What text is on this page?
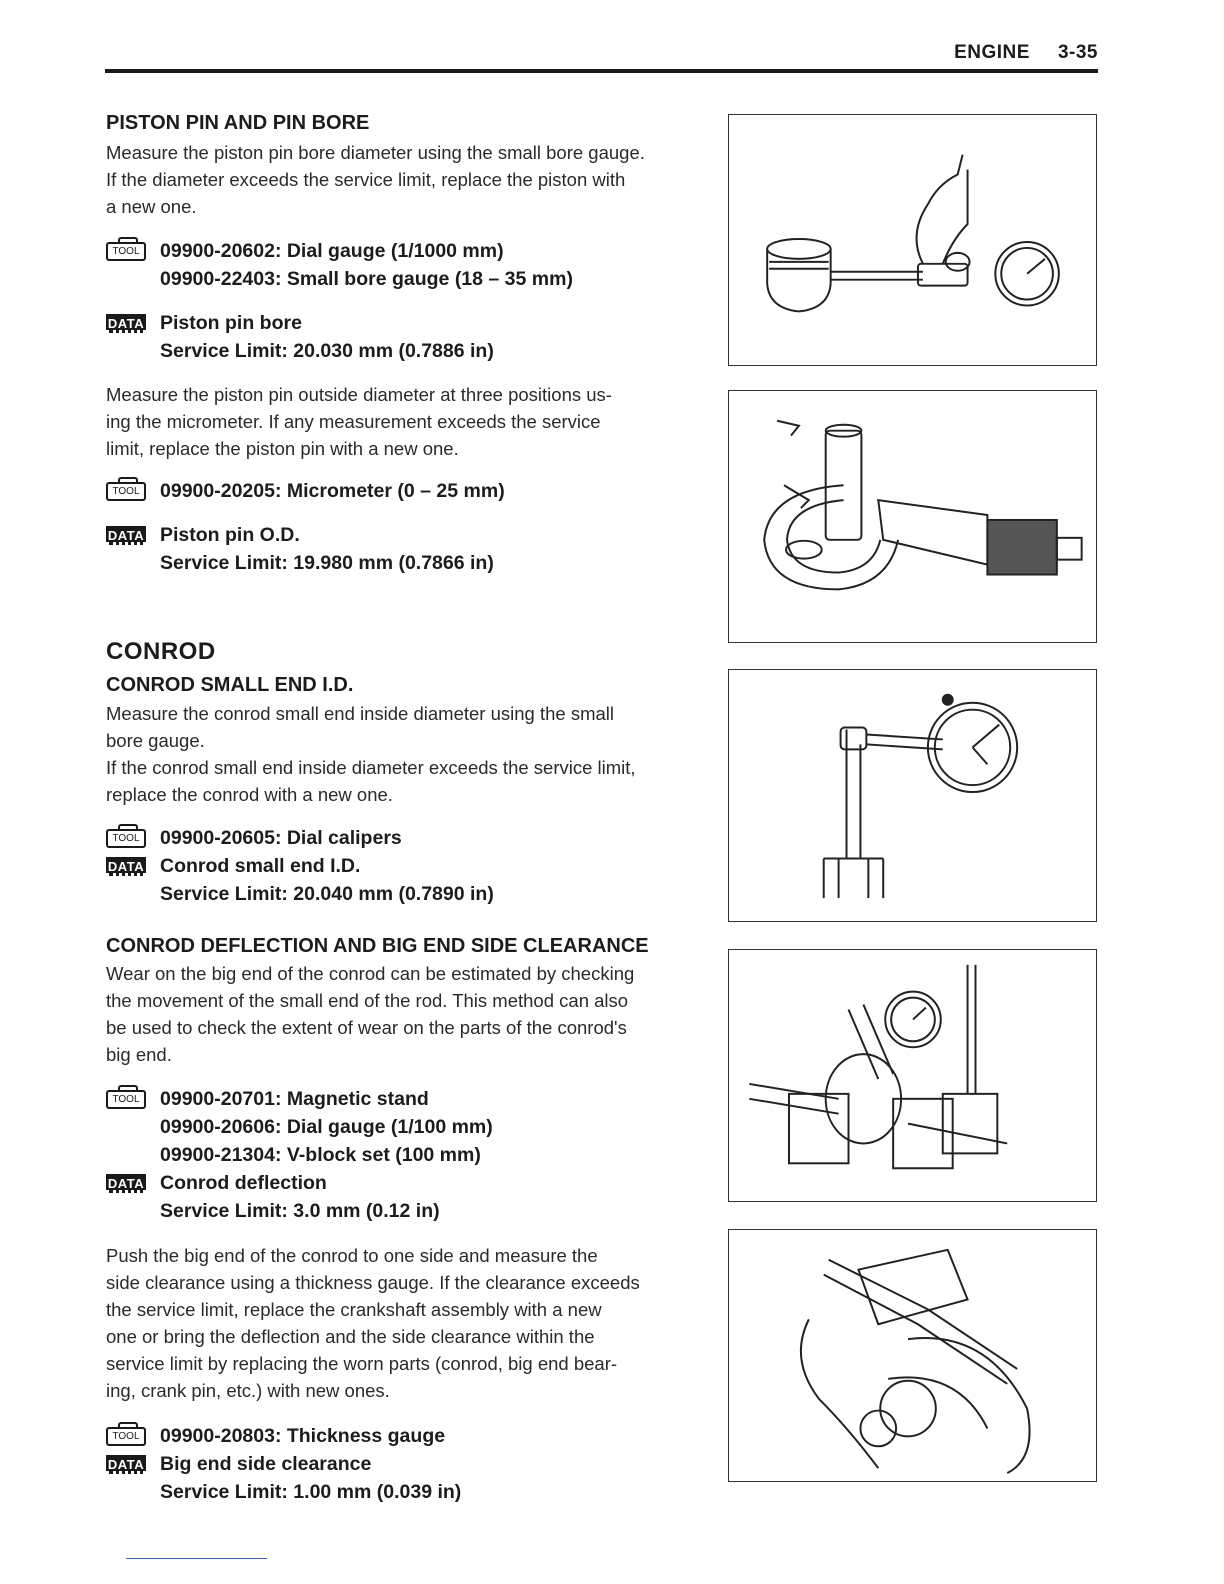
ENGINE 3-35

PISTON PIN AND PIN BORE

Measure the piston pin bore diameter using the small bore gauge.
If the diameter exceeds the service limit, replace the piston with
a new one.

TOOL	09900-20602: Dial gauge (1/1000 mm)
09900-22403: Small bore gauge (18 – 35 mm)
DATA Piston pin bore
Service Limit: 20.030 mm (0.7886 in)

Measure the piston pin outside diameter at three positions us-
ing the micrometer. If any measurement exceeds the service
limit, replace the piston pin with a new one.

TOOL	09900-20205: Micrometer (0 – 25 mm)
DATA Piston pin O.D.
Service Limit: 19.980 mm (0.7866 in)

CONROD

CONROD SMALL END I.D.

Measure the conrod small end inside diameter using the small
bore gauge.
If the conrod small end inside diameter exceeds the service limit,
replace the conrod with a new one.

TOOL	09900-20605: Dial calipers
DATA Conrod small end I.D.
Service Limit: 20.040 mm (0.7890 in)

CONROD DEFLECTION AND BIG END SIDE CLEARANCE

Wear on the big end of the conrod can be estimated by checking
the movement of the small end of the rod. This method can also
be used to check the extent of wear on the parts of the conrod's
big end.

TOOL	09900-20701: Magnetic stand
09900-20606: Dial gauge (1/100 mm)
09900-21304: V-block set (100 mm)
DATA Conrod deflection
Service Limit: 3.0 mm (0.12 in)

Push the big end of the conrod to one side and measure the
side clearance using a thickness gauge. If the clearance exceeds
the service limit, replace the crankshaft assembly with a new
one or bring the deflection and the side clearance within the
service limit by replacing the worn parts (conrod, big end bear-
ing, crank pin, etc.) with new ones.

TOOL	09900-20803: Thickness gauge
DATA Big end side clearance
Service Limit: 1.00 mm (0.039 in)
